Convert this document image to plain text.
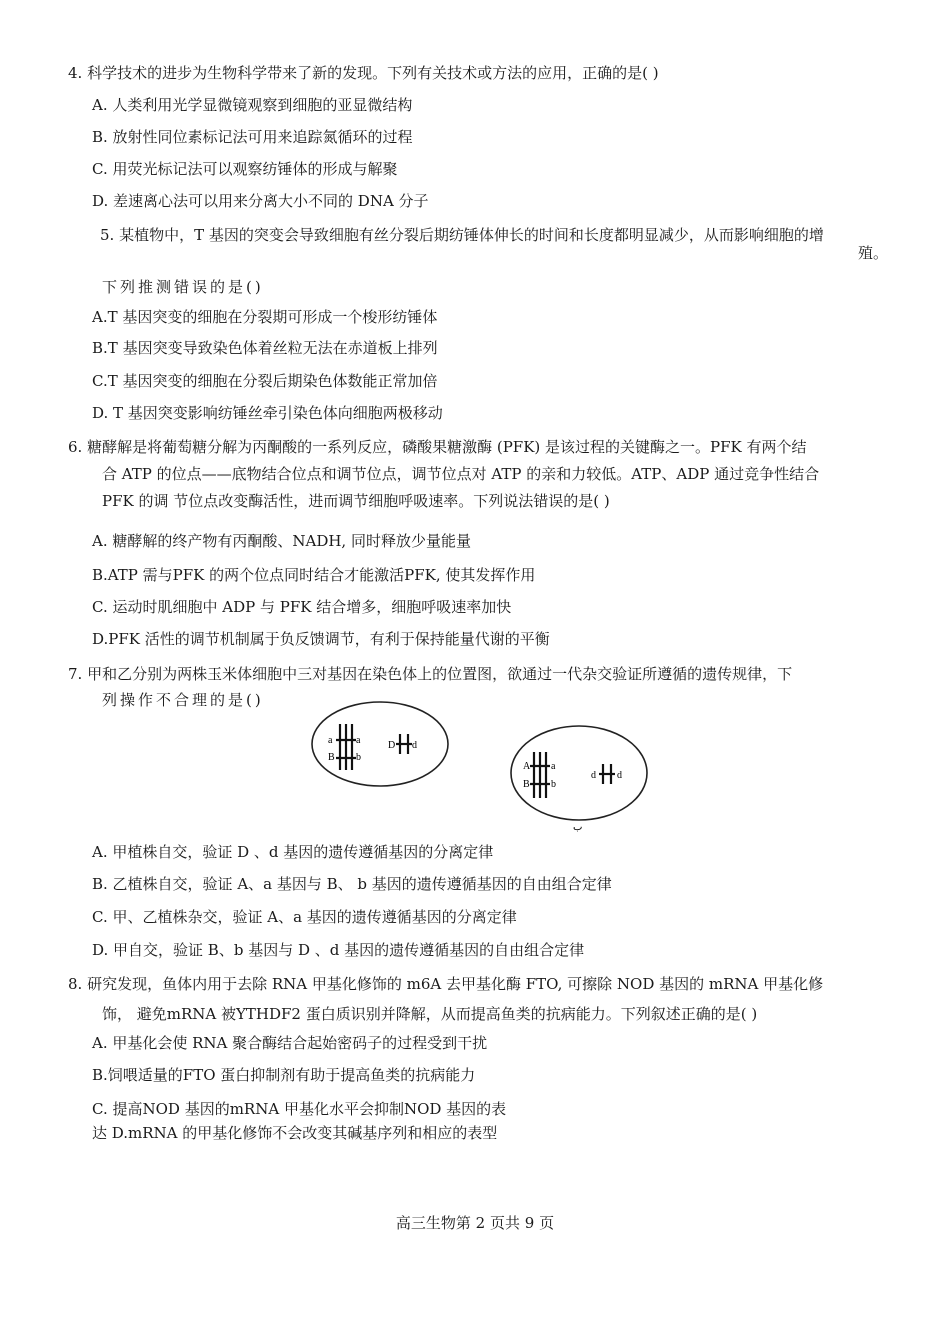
4. 科学技术的进步为生物科学带来了新的发现。下列有关技术或方法的应用，正确的是( )
A. 人类利用光学显微镜观察到细胞的亚显微结构
B. 放射性同位素标记法可用来追踪氮循环的过程
C. 用荧光标记法可以观察纺锤体的形成与解聚
D. 差速离心法可以用来分离大小不同的 DNA 分子
5. 某植物中，T 基因的突变会导致细胞有丝分裂后期纺锤体伸长的时间和长度都明显减少，从而影响细胞的增
殖。
下列推测错误的是()
A.T 基因突变的细胞在分裂期可形成一个梭形纺锤体
B.T 基因突变导致染色体着丝粒无法在赤道板上排列
C.T 基因突变的细胞在分裂后期染色体数能正常加倍
D. T 基因突变影响纺锤丝牵引染色体向细胞两极移动
6. 糖酵解是将葡萄糖分解为丙酮酸的一系列反应，磷酸果糖激酶 (PFK) 是该过程的关键酶之一。PFK 有两个结
合 ATP 的位点——底物结合位点和调节位点，调节位点对 ATP 的亲和力较低。ATP、ADP 通过竞争性结合
PFK 的调 节位点改变酶活性，进而调节细胞呼吸速率。下列说法错误的是( )
A. 糖酵解的终产物有丙酮酸、NADH, 同时释放少量能量
B.ATP 需与PFK 的两个位点同时结合才能激活PFK, 使其发挥作用
C. 运动时肌细胞中 ADP 与 PFK 结合增多，细胞呼吸速率加快
D.PFK 活性的调节机制属于负反馈调节，有利于保持能量代谢的平衡
7. 甲和乙分别为两株玉米体细胞中三对基因在染色体上的位置图，欲通过一代杂交验证所遵循的遗传规律，下
列操作不合理的是()
a
B
a
b
D d
A
B
a
b
d d
ب
A. 甲植株自交，验证 D 、d 基因的遗传遵循基因的分离定律
B. 乙植株自交，验证 A、a 基因与 B、 b 基因的遗传遵循基因的自由组合定律
C. 甲、乙植株杂交，验证 A、a 基因的遗传遵循基因的分离定律
D. 甲自交，验证 B、b 基因与 D 、d 基因的遗传遵循基因的自由组合定律
8. 研究发现，鱼体内用于去除 RNA 甲基化修饰的 m6A 去甲基化酶 FTO, 可擦除 NOD 基因的 mRNA 甲基化修
饰， 避免mRNA 被YTHDF2 蛋白质识别并降解，从而提高鱼类的抗病能力。下列叙述正确的是( )
A. 甲基化会使 RNA 聚合酶结合起始密码子的过程受到干扰
B.饲喂适量的FTO 蛋白抑制剂有助于提高鱼类的抗病能力
C. 提高NOD 基因的mRNA 甲基化水平会抑制NOD 基因的表
达 D.mRNA 的甲基化修饰不会改变其碱基序列和相应的表型
高三生物第 2 页共 9 页
